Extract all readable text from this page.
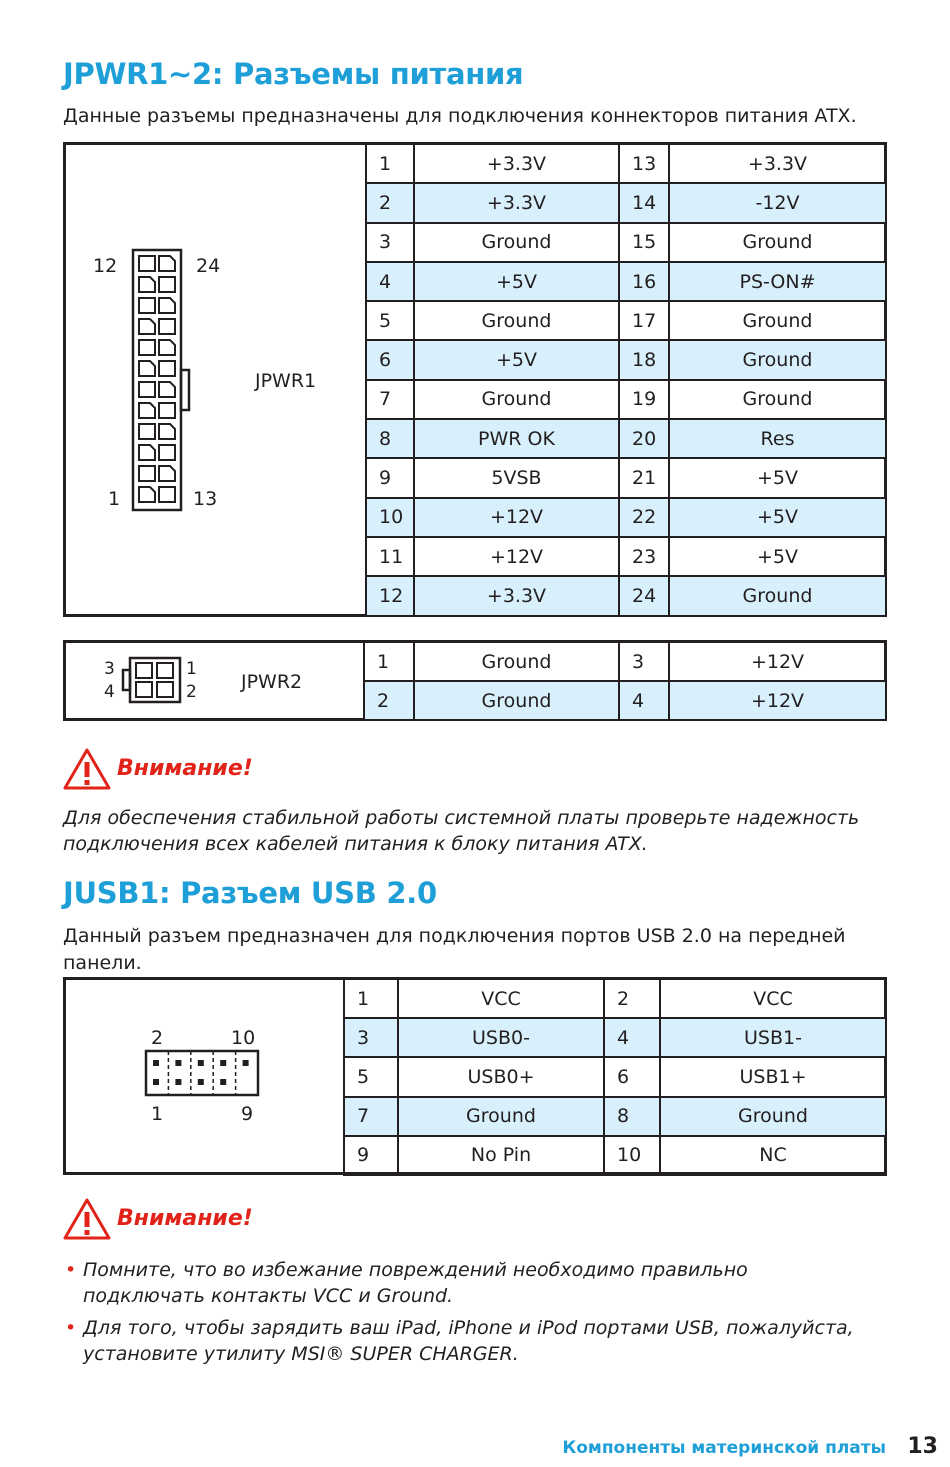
JPWR1~2: Разъемы питания
Данные разъемы предназначены для подключения коннекторов питания ATX.
12	24
1	13
JPWR1
1	+3.3V	13	+3.3V
2	+3.3V	14	-12V
3	Ground	15	Ground
4	+5V	16	PS-ON#
5	Ground	17	Ground
6	+5V	18	Ground
7	Ground	19	Ground
8	PWR OK	20	Res
9	5VSB	21	+5V
10	+12V	22	+5V
11	+12V	23	+5V
12	+3.3V	24	Ground
3	1
4	2 JPWR2
1	Ground	3	+12V
2	Ground	4	+12V
Внимание!
Для обеспечения стабильной работы системной платы проверьте надежность подключения всех кабелей питания к блоку питания ATX.
JUSB1: Разъем USB 2.0
Данный разъем предназначен для подключения портов USB 2.0 на передней панели.
2	10
1	9
1	VCC	2	VCC
3	USB0-	4	USB1-
5	USB0+	6	USB1+
7	Ground	8	Ground
9	No Pin	10	NC
Внимание!
• Помните, что во избежание повреждений необходимо правильно подключать контакты VCC и Ground.
• Для того, чтобы зарядить ваш iPad, iPhone и iPod портами USB, пожалуйста, установите утилиту MSI® SUPER CHARGER.
Компоненты материнской платы 13
